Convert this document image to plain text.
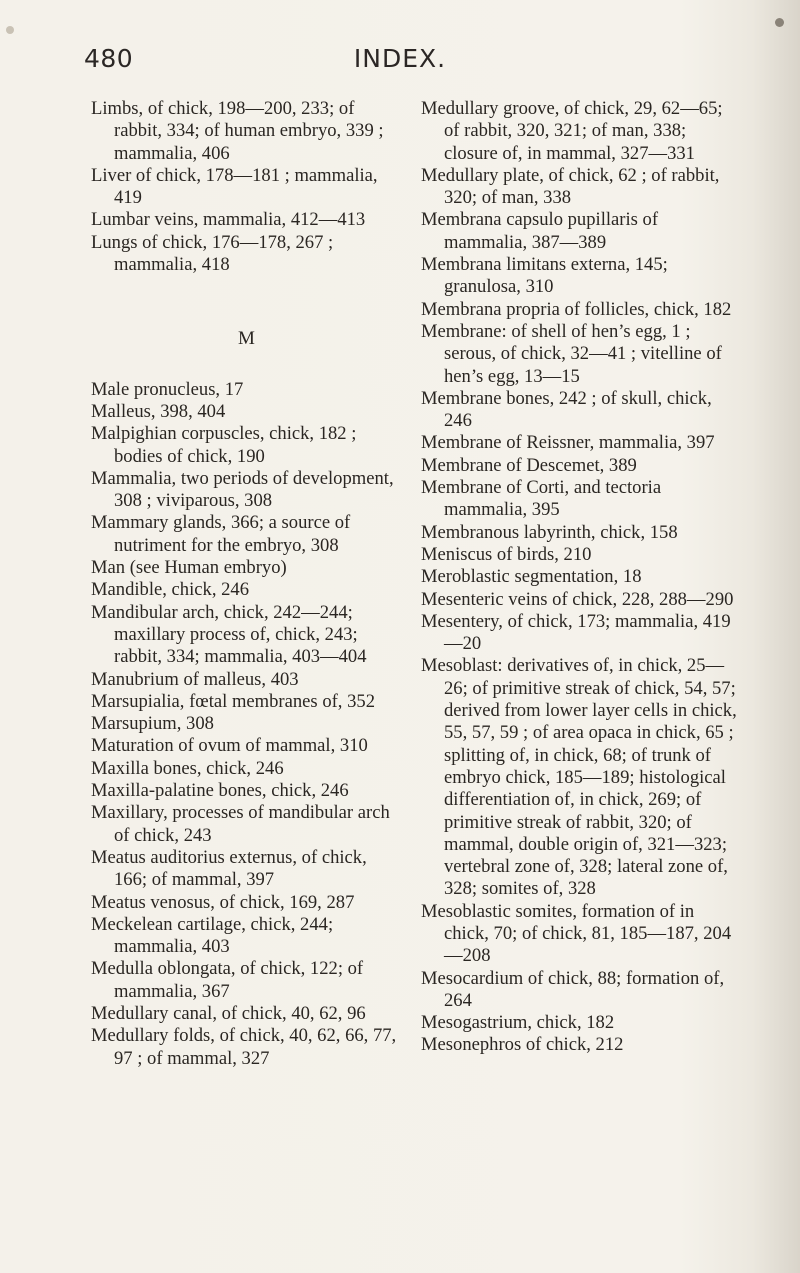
480	INDEX.

Limbs, of chick, 198—200, 233; of rabbit, 334; of human embryo, 339 ; mammalia, 406

Liver of chick, 178—181 ; mammalia, 419

Lumbar veins, mammalia, 412—413

Lungs of chick, 176—178, 267 ; mammalia, 418

M

Male pronucleus, 17

Malleus, 398, 404

Malpighian corpuscles, chick, 182 ; bodies of chick, 190

Mammalia, two periods of development, 308 ; viviparous, 308

Mammary glands, 366; a source of nutriment for the embryo, 308

Man (see Human embryo)

Mandible, chick, 246

Mandibular arch, chick, 242—244; maxillary process of, chick, 243; rabbit, 334; mammalia, 403—404

Manubrium of malleus, 403

Marsupialia, fœtal membranes of, 352

Marsupium, 308

Maturation of ovum of mammal, 310

Maxilla bones, chick, 246

Maxilla-palatine bones, chick, 246

Maxillary, processes of mandibular arch of chick, 243

Meatus auditorius externus, of chick, 166; of mammal, 397

Meatus venosus, of chick, 169, 287

Meckelean cartilage, chick, 244; mammalia, 403

Medulla oblongata, of chick, 122; of mammalia, 367

Medullary canal, of chick, 40, 62, 96

Medullary folds, of chick, 40, 62, 66, 77, 97 ; of mammal, 327

Medullary groove, of chick, 29, 62—65; of rabbit, 320, 321; of man, 338; closure of, in mammal, 327—331

Medullary plate, of chick, 62 ; of rabbit, 320; of man, 338

Membrana capsulo pupillaris of mammalia, 387—389

Membrana limitans externa, 145; granulosa, 310

Membrana propria of follicles, chick, 182

Membrane: of shell of hen’s egg, 1 ; serous, of chick, 32—41 ; vitelline of hen’s egg, 13—15

Membrane bones, 242 ; of skull, chick, 246

Membrane of Reissner, mammalia, 397

Membrane of Descemet, 389

Membrane of Corti, and tectoria mammalia, 395

Membranous labyrinth, chick, 158

Meniscus of birds, 210

Meroblastic segmentation, 18

Mesenteric veins of chick, 228, 288—290

Mesentery, of chick, 173; mammalia, 419—20

Mesoblast: derivatives of, in chick, 25—26; of primitive streak of chick, 54, 57; derived from lower layer cells in chick, 55, 57, 59 ; of area opaca in chick, 65 ; splitting of, in chick, 68; of trunk of embryo chick, 185—189; histological differentiation of, in chick, 269; of primitive streak of rabbit, 320; of mammal, double origin of, 321—323; vertebral zone of, 328; lateral zone of, 328; somites of, 328

Mesoblastic somites, formation of in chick, 70; of chick, 81, 185—187, 204—208

Mesocardium of chick, 88; formation of, 264

Mesogastrium, chick, 182

Mesonephros of chick, 212
